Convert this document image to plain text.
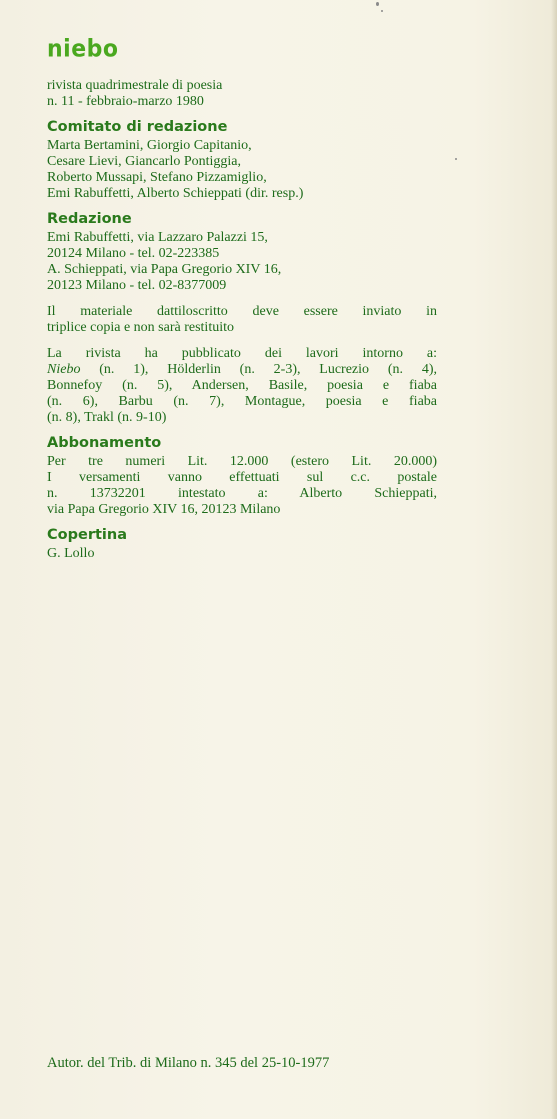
niebo
rivista quadrimestrale di poesia
n. 11 - febbraio-marzo 1980
Comitato di redazione
Marta Bertamini, Giorgio Capitanio,
Cesare Lievi, Giancarlo Pontiggia,
Roberto Mussapi, Stefano Pizzamiglio,
Emi Rabuffetti, Alberto Schieppati (dir. resp.)
Redazione
Emi Rabuffetti, via Lazzaro Palazzi 15,
20124 Milano - tel. 02-223385
A. Schieppati, via Papa Gregorio XIV 16,
20123 Milano - tel. 02-8377009
Il materiale dattiloscritto deve essere inviato in
triplice copia e non sarà restituito
La rivista ha pubblicato dei lavori intorno a:
Niebo (n. 1), Hölderlin (n. 2-3), Lucrezio (n. 4),
Bonnefoy (n. 5), Andersen, Basile, poesia e fiaba
(n. 6), Barbu (n. 7), Montague, poesia e fiaba
(n. 8), Trakl (n. 9-10)
Abbonamento
Per tre numeri Lit. 12.000 (estero Lit. 20.000)
I versamenti vanno effettuati sul c.c. postale
n. 13732201 intestato a: Alberto Schieppati,
via Papa Gregorio XIV 16, 20123 Milano
Copertina
G. Lollo
Autor. del Trib. di Milano n. 345 del 25-10-1977
